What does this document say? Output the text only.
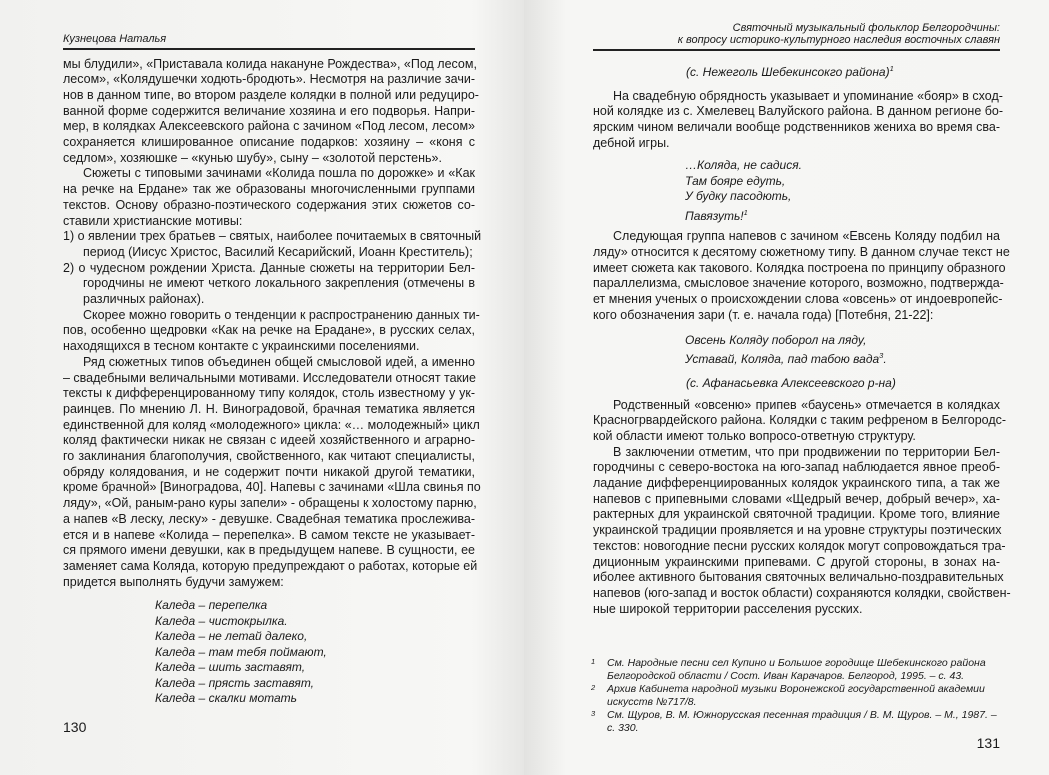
Кузнецова Наталья
мы блудили», «Приставала колида накануне Рождества», «Под лесом,
лесом», «Колядушечки ходють-бродють». Несмотря на различие зачи-
нов в данном типе, во втором разделе колядки в полной или редуциро-
ванной форме содержится величание хозяина и его подворья. Напри-
мер, в колядках Алексеевского района с зачином «Под лесом, лесом»
сохраняется клишированное описание подарков: хозяину – «коня с
седлом», хозяюшке – «кунью шубу», сыну – «золотой перстень».
Сюжеты с типовыми зачинами «Колида пошла по дорожке» и «Как
на речке на Ердане» так же образованы многочисленными группами
текстов. Основу образно-поэтического содержания этих сюжетов со-
ставили христианские мотивы:
1) о явлении трех братьев – святых, наиболее почитаемых в святочный
период (Иисус Христос, Василий Кесарийский, Иоанн Креститель);
2) о чудесном рождении Христа. Данные сюжеты на территории Бел-
городчины не имеют четкого локального закрепления (отмечены в
различных районах).
Скорее можно говорить о тенденции к распространению данных ти-
пов, особенно щедровки «Как на речке на Ерадане», в русских селах,
находящихся в тесном контакте с украинскими поселениями.
Ряд сюжетных типов объединен общей смысловой идей, а именно
– свадебными величальными мотивами. Исследователи относят такие
тексты к дифференцированному типу колядок, столь известному у ук-
раинцев. По мнению Л. Н. Виноградовой, брачная тематика является
единственной для коляд «молодежного» цикла: «… молодежный» цикл
коляд фактически никак не связан с идеей хозяйственного и аграрно-
го заклинания благополучия, свойственного, как читают специалисты,
обряду колядования, и не содержит почти никакой другой тематики,
кроме брачной» [Виноградова, 40]. Напевы с зачинами «Шла свинья по
ляду», «Ой, раным-рано куры запели» - обращены к холостому парню,
а напев «В леску, леску» - девушке. Свадебная тематика прослежива-
ется и в напеве «Колида – перепелка». В самом тексте не указывает-
ся прямого имени девушки, как в предыдущем напеве. В сущности, ее
заменяет сама Коляда, которую предупреждают о работах, которые ей
придется выполнять будучи замужем:
Каледа – перепелка
Каледа – чистокрылка.
Каледа – не летай далеко,
Каледа – там тебя поймают,
Каледа – шить заставят,
Каледа – прясть заставят,
Каледа – скалки мотать
130
Святочный музыкальный фольклор Белгородчины:
к вопросу историко-культурного наследия восточных славян
(с. Нежеголь Шебекинсокго района)$^1$
На свадебную обрядность указывает и упоминание «бояр» в сход-
ной колядке из с. Хмелевец Валуйского района. В данном регионе бо-
ярским чином величали вообще родственников жениха во время сва-
дебной игры.
…Коляда, не садися.
Там бояре едуть,
У будку пасодють,
Павязуть!$^1$
Следующая группа напевов с зачином «Евсень Коляду подбил на
ляду» относится к десятому сюжетному типу. В данном случае текст не
имеет сюжета как такового. Колядка построена по принципу образного
параллелизма, смысловое значение которого, возможно, подтвержда-
ет мнения ученых о происхождении слова «овсень» от индоевропейс-
кого обозначения зари (т. е. начала года) [Потебня, 21-22]:
Овсень Коляду поборол на ляду,
Уставай, Коляда, пад табою вада$^3$.
(с. Афанасьевка Алексеевского р-на)
Родственный «овсеню» припев «баусень» отмечается в колядках
Красногрвардейского района. Колядки с таким рефреном в Белгородс-
кой области имеют только вопросо-ответную структуру.
В заключении отметим, что при продвижении по территории Бел-
городчины с северо-востока на юго-запад наблюдается явное преоб-
ладание дифференциированных колядок украинского типа, а так же
напевов с припевными словами «Щедрый вечер, добрый вечер», ха-
рактерных для украинской святочной традиции. Кроме того, влияние
украинской традиции проявляется и на уровне структуры поэтических
текстов: новогодние песни русских колядок могут сопровождаться тра-
диционным украинскими припевами. С другой стороны, в зонах на-
иболее активного бытования святочных величально-поздравительных
напевов (юго-запад и восток области) сохраняются колядки, свойствен-
ные широкой территории расселения русских.
1	См. Народные песни сел Купино и Большое городище Шебекинского района Белгородской области / Сост. Иван Карачаров. Белгород, 1995. – с. 43.
2	Архив Кабинета народной музыки Воронежской государственной академии искусств №717/8.
3	См. Щуров, В. М. Южнорусская песенная традиция / В. М. Щуров. – М., 1987. – с. 330.
131
